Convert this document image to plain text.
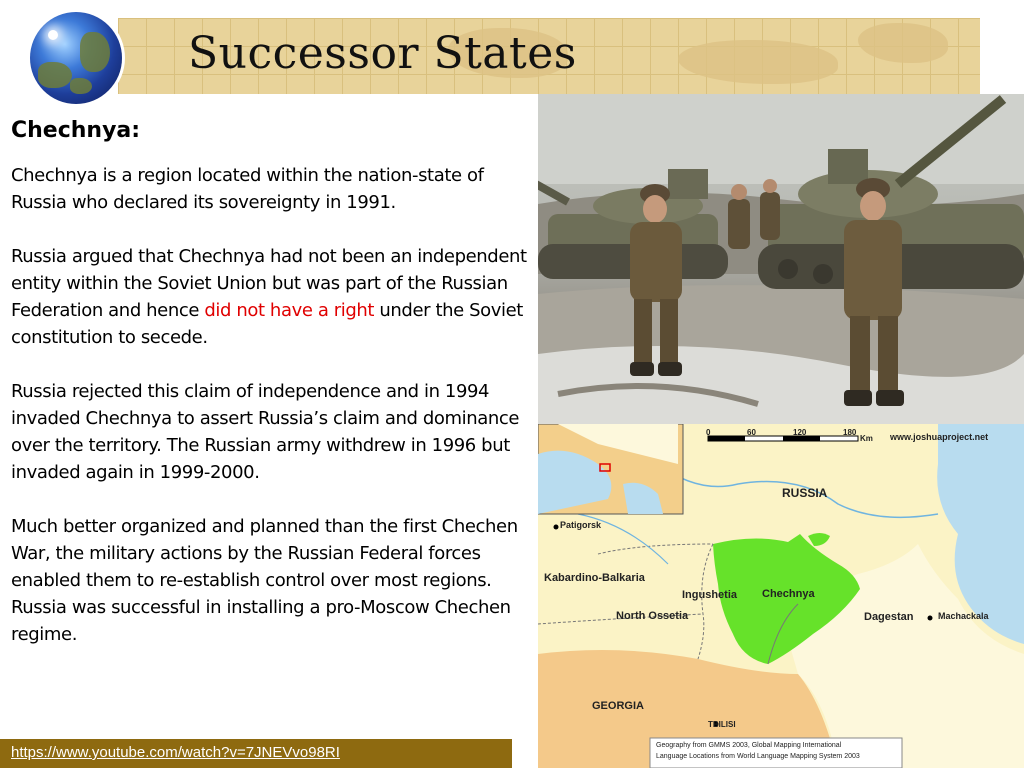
Successor States
Chechnya:

Chechnya is a region located within the nation-state of Russia who declared its sovereignty in 1991.

Russia argued that Chechnya had not been an independent entity within the Soviet Union but was part of the Russian Federation and hence did not have a right under the Soviet constitution to secede.

Russia rejected this claim of independence and in 1994 invaded Chechnya to assert Russia’s claim and dominance over the territory. The Russian army withdrew in 1996 but invaded again in 1999-2000.

Much better organized and planned than the first Chechen War, the military actions by the Russian Federal forces enabled them to re-establish control over most regions. Russia was successful in installing a pro-Moscow Chechen regime.

https://www.youtube.com/watch?v=7JNEVvo98RI
0	60	120	180
Km www.joshuaproject.net
RUSSIA
Patigorsk
Kabardino-Balkaria
Ingushetia Chechnya
North Ossetia	Dagestan	Machackala
GEORGIA
TBILISI
Geography from GMMS 2003, Global Mapping International
Language Locations from World Language Mapping System 2003
